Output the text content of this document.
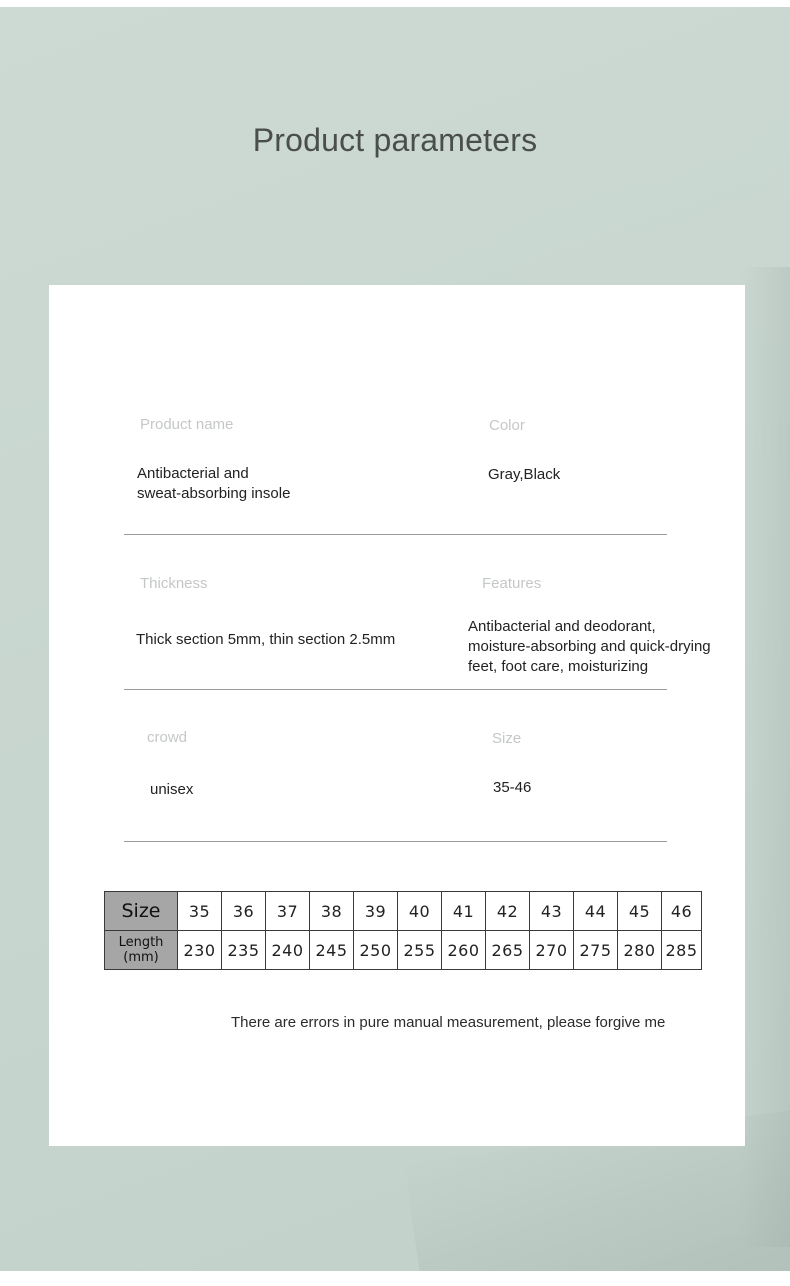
Product parameters
Product name
Antibacterial and
sweat-absorbing insole
Color
Gray,Black
Thickness
Thick section 5mm, thin section 2.5mm
Features
Antibacterial and deodorant,
moisture-absorbing and quick-drying
feet, foot care, moisturizing
crowd
unisex
Size
35-46
Size	35	36	37	38	39	40	41	42	43	44	45	46

Length
(mm)	230	235	240	245	250	255	260	265	270	275	280	285
There are errors in pure manual measurement, please forgive me
